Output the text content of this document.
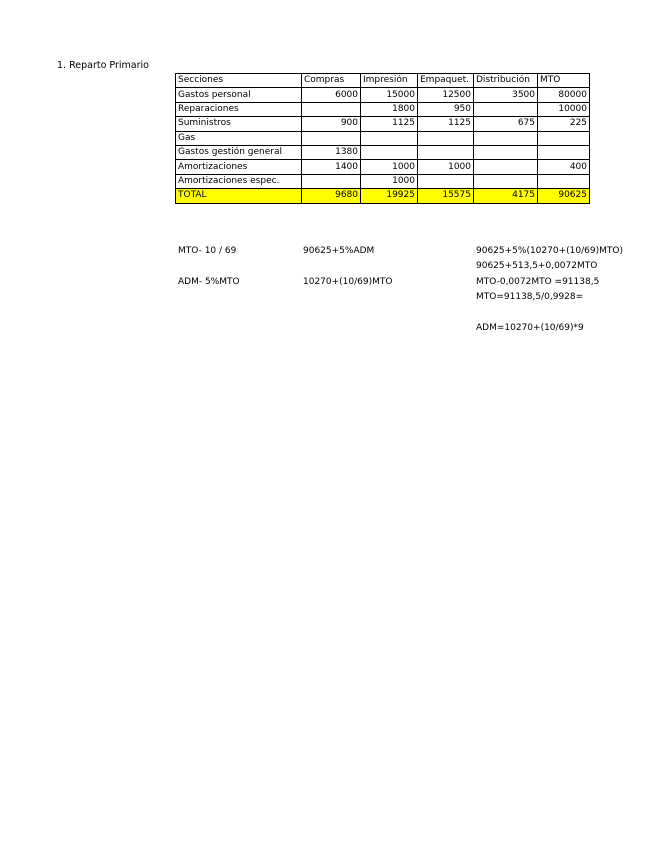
1. Reparto Primario
Secciones	Compras	Impresión	Empaquet.	Distribución	MTO
Gastos personal	6000	15000	12500	3500	80000
Reparaciones		1800	950		10000
Suministros	900	1125	1125	675	225
Gas					
Gastos gestión general	1380				
Amortizaciones	1400	1000	1000		400
Amortizaciones espec.		1000			
TOTAL	9680	19925	15575	4175	90625
MTO- 10 / 69	90625+5%ADM
ADM- 5%MTO	10270+(10/69)MTO
90625+5%(10270+(10/69)MTO)
90625+513,5+0,0072MTO
MTO-0,0072MTO =91138,5
MTO=91138,5/0,9928=
ADM=10270+(10/69)*9
